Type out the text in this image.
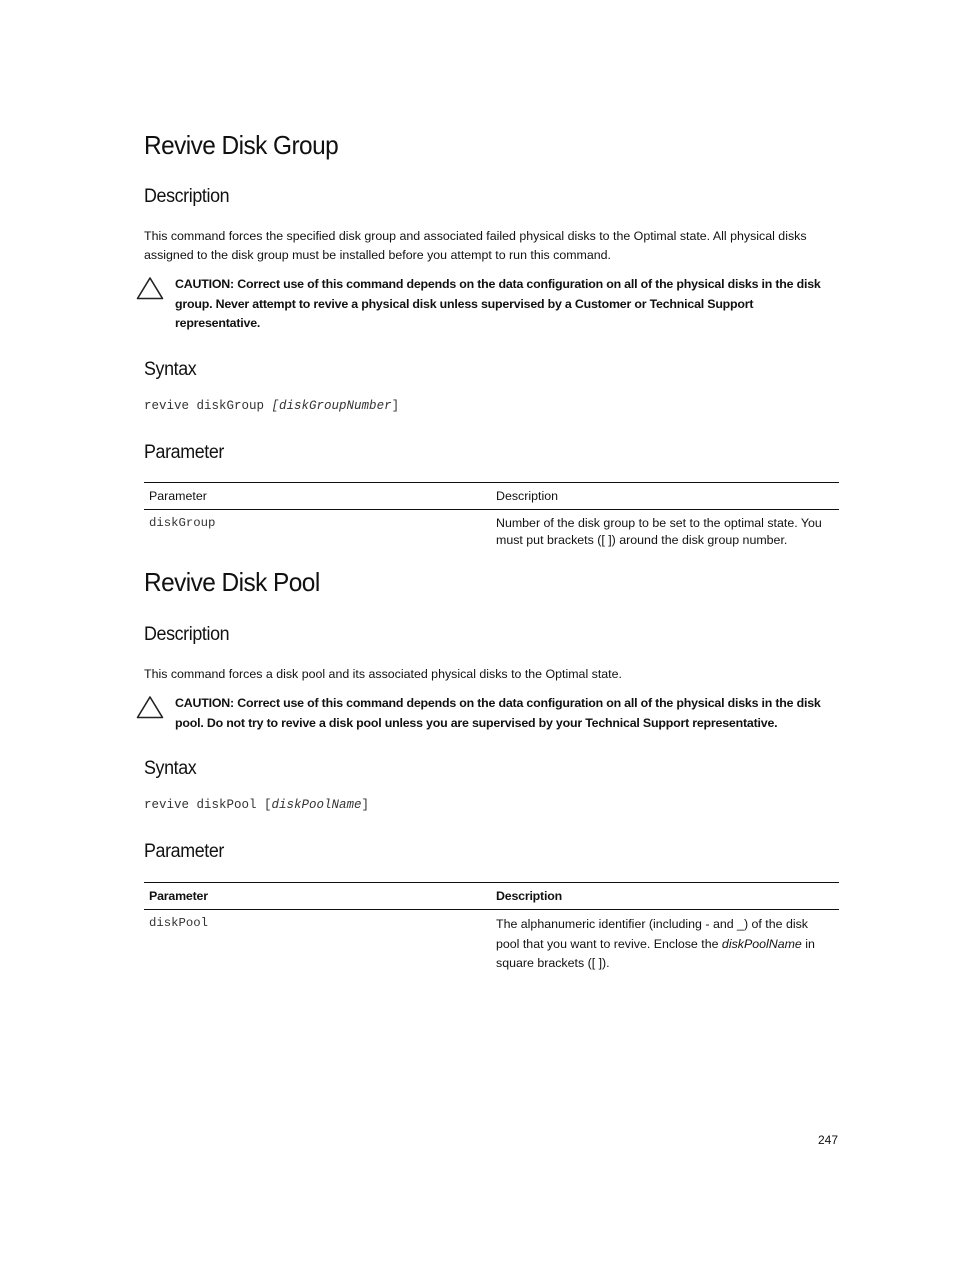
Revive Disk Group
Description

This command forces the specified disk group and associated failed physical disks to the Optimal state. All physical disks assigned to the disk group must be installed before you attempt to run this command.

CAUTION: Correct use of this command depends on the data configuration on all of the physical disks in the disk group. Never attempt to revive a physical disk unless supervised by a Customer or Technical Support representative.
Syntax
revive diskGroup [diskGroupNumber]
Parameter
Parameter	Description
diskGroup	Number of the disk group to be set to the optimal state. You must put brackets ([ ]) around the disk group number.
Revive Disk Pool
Description

This command forces a disk pool and its associated physical disks to the Optimal state.

CAUTION: Correct use of this command depends on the data configuration on all of the physical disks in the disk pool. Do not try to revive a disk pool unless you are supervised by your Technical Support representative.
Syntax
revive diskPool [diskPoolName]
Parameter
Parameter	Description
diskPool	The alphanumeric identifier (including - and _) of the disk pool that you want to revive. Enclose the diskPoolName in square brackets ([ ]).
247
